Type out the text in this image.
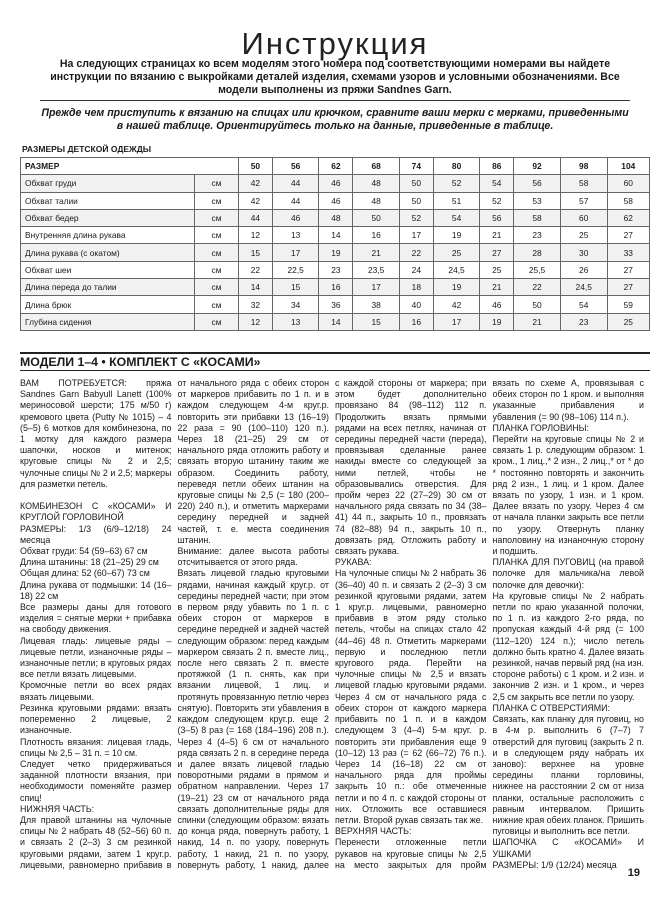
Инструкция
На следующих страницах ко всем моделям этого номера под соответствующими номерами вы найдете инструкции по вязанию с выкройками деталей изделия, схемами узоров и условными обозначениями. Все модели выполнены из пряжи Sandnes Garn.
Прежде чем приступить к вязанию на спицах или крючком, сравните ваши мерки с мерками, приведенными в нашей таблице. Ориентируйтесь только на данные, приведенные в таблице.
РАЗМЕРЫ ДЕТСКОЙ ОДЕЖДЫ
РАЗМЕР		50	56	62	68	74	80	86	92	98	104
Обхват груди	см	42	44	46	48	50	52	54	56	58	60
Обхват талии	см	42	44	46	48	50	51	52	53	57	58
Обхват бедер	см	44	46	48	50	52	54	56	58	60	62
Внутренняя длина рукава	см	12	13	14	16	17	19	21	23	25	27
Длина рукава (с окатом)	см	15	17	19	21	22	25	27	28	30	33
Обхват шеи	см	22	22,5	23	23,5	24	24,5	25	25,5	26	27
Длина переда до талии	см	14	15	16	17	18	19	21	22	24,5	27
Длина брюк	см	32	34	36	38	40	42	46	50	54	59
Глубина сидения	см	12	13	14	15	16	17	19	21	23	25
МОДЕЛИ 1–4 • КОМПЛЕКТ С «КОСАМИ»

ВАМ ПОТРЕБУЕТСЯ: пряжа Sandnes Garn Babyull Lanett (100% мериносовой шерсти; 175 м/50 г) кремового цвета (Putty № 1015) – 4 (5–5) 6 мотков для комбинезона, по 1 мотку для каждого размера шапочки, носков и митенок; круговые спицы № 2 и 2,5; чулочные спицы № 2 и 2,5; маркеры для разметки петель.

КОМБИНЕЗОН С «КОСАМИ» И КРУГЛОЙ ГОРЛОВИНОЙ
РАЗМЕРЫ: 1/3 (6/9–12/18) 24 месяца
Обхват груди: 54 (59–63) 67 см
Длина штанины: 18 (21–25) 29 см
Общая длина: 52 (60–67) 73 см
Длина рукава от подмышки: 14 (16–18) 22 см
Все размеры даны для готового изделия = снятые мерки + прибавка на свободу движения.
Лицевая гладь: лицевые ряды – лицевые петли, изнаночные ряды – изнаночные петли; в круговых рядах все петли вязать лицевыми.
Кромочные петли во всех рядах вязать лицевыми.
Резинка круговыми рядами: вязать попеременно 2 лицевые, 2 изнаночные.
Плотность вязания: лицевая гладь, спицы № 2,5 – 31 п. = 10 см.
Следует четко придерживаться заданной плотности вязания, при необходимости поменяйте размер спиц!
НИЖНЯЯ ЧАСТЬ:
Для правой штанины на чулочные спицы № 2 набрать 48 (52–56) 60 п. и связать 2 (2–3) 3 см резинкой круговыми рядами, затем 1 круг.р. лицевыми, равномерно прибавив в

от начального ряда с обеих сторон от маркеров прибавить по 1 п. и в каждом следующем 4-м круг.р. повторить эти прибавки 13 (16–19) 22 раза = 90 (100–110) 120 п.). Через 18 (21–25) 29 см от начального ряда отложить работу и связать вторую штанину таким же образом. Соединить работу, переведя петли обеих штанин на круговые спицы № 2,5 (= 180 (200–220) 240 п.), и отметить маркерами середину передней и задней частей, т. е. места соединения штанин.
Внимание: далее высота работы отсчитывается от этого ряда.
Вязать лицевой гладью круговыми рядами, начиная каждый круг.р. от середины передней части; при этом в первом ряду убавить по 1 п. с обеих сторон от маркеров в середине передней и задней частей следующим образом: перед каждым маркером связать 2 п. вместе лиц., после него связать 2 п. вместе протяжкой (1 п. снять, как при вязании лицевой, 1 лиц. и протянуть провязанную петлю через снятую). Повторить эти убавления в каждом следующем круг.р. еще 2 (3–5) 8 раз (= 168 (184–196) 208 п.). Через 4 (4–5) 6 см от начального ряда связать 2 п. в середине переда и далее вязать лицевой гладью поворотными рядами в прямом и обратном направлении. Через 17 (19–21) 23 см от начального ряда связать дополнительные ряды для спинки (следующим образом: вязать до конца ряда, повернуть работу, 1 накид, 14 п. по узору, повернуть работу, 1 накид, 21 п. по узору, повернуть работу, 1 накид, далее

с каждой стороны от маркера; при этом будет дополнительно провязано 84 (98–112) 112 п. Продолжить вязать прямыми рядами на всех петлях, начиная от середины передней части (переда), провязывая сделанные ранее накиды вместе со следующей за ними петлей, чтобы не образовывались отверстия. Для пройм через 22 (27–29) 30 см от начального ряда связать по 34 (38–41) 44 п., закрыть 10 п., провязать 74 (82–88) 94 п., закрыть 10 п., довязать ряд. Отложить работу и связать рукава.
РУКАВА:
На чулочные спицы № 2 набрать 36 (36–40) 40 п. и связать 2 (2–3) 3 см резинкой круговыми рядами, затем 1 круг.р. лицевыми, равномерно прибавив в этом ряду столько петель, чтобы на спицах стало 42 (44–46) 48 п. Отметить маркерами первую и последнюю петли кругового ряда. Перейти на чулочные спицы № 2,5 и вязать лицевой гладью круговыми рядами. Через 4 см от начального ряда с обеих сторон от каждого маркера прибавить по 1 п. и в каждом следующем 3 (4–4) 5-м круг. р. повторить эти прибавления еще 9 (10–12) 13 раз (= 62 (66–72) 76 п.). Через 14 (16–18) 22 см от начального ряда для проймы закрыть 10 п.: обе отмеченные петли и по 4 п. с каждой стороны от них. Отложить все оставшиеся петли. Второй рукав связать так же.
ВЕРХНЯЯ ЧАСТЬ:
Перенести отложенные петли рукавов на круговые спицы № 2,5 на место закрытых для пройм

вязать по схеме А, провязывая с обеих сторон по 1 кром. и выполняя указанные прибавления и убавления (= 90 (98–106) 114 п.).
ПЛАНКА ГОРЛОВИНЫ:
Перейти на круговые спицы № 2 и связать 1 р. следующим образом: 1 кром., 1 лиц.,* 2 изн., 2 лиц.,* от * до * постоянно повторять и закончить ряд 2 изн., 1 лиц. и 1 кром. Далее вязать по узору, 1 изн. и 1 кром. Далее вязать по узору. Через 4 см от начала планки закрыть все петли по узору. Отвернуть планку наполовину на изнаночную сторону и подшить.
ПЛАНКА ДЛЯ ПУГОВИЦ (на правой полочке для мальчика/на левой полочке для девочки):
На круговые спицы № 2 набрать петли по краю указанной полочки, по 1 п. из каждого 2-го ряда, по пропуская каждый 4-й ряд (= 100 (112–120) 124 п.); число петель должно быть кратно 4. Далее вязать резинкой, начав первый ряд (на изн. стороне работы) с 1 кром. и 2 изн. и закончив 2 изн. и 1 кром., и через 2,5 см закрыть все петли по узору.
ПЛАНКА С ОТВЕРСТИЯМИ:
Связать, как планку для пуговиц, но в 4-м р. выполнить 6 (7–7) 7 отверстий для пуговиц (закрыть 2 п. и в следующем ряду набрать их заново): верхнее на уровне середины планки горловины, нижнее на расстоянии 2 см от низа планки, остальные расположить с равным интервалом. Пришить нижние края обеих планок. Пришить пуговицы и выполнить все петли.
ШАПОЧКА С «КОСАМИ» И УШКАМИ
РАЗМЕРЫ: 1/9 (12/24) месяца

19
